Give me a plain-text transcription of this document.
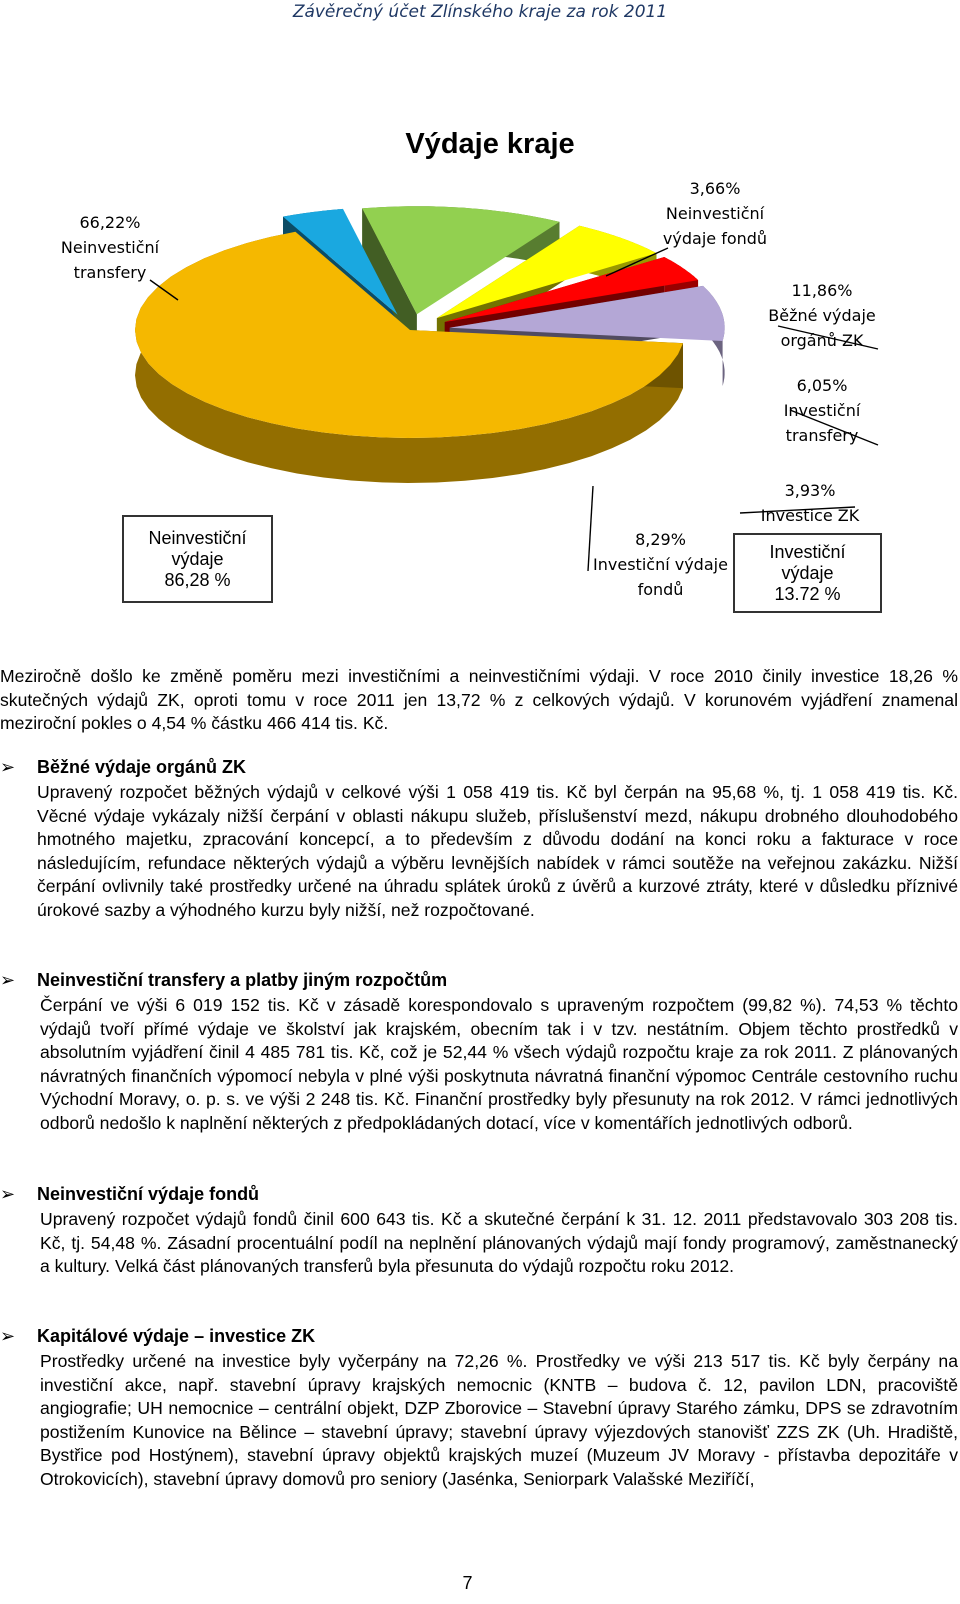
Závěrečný účet Zlínského kraje za rok 2011
Výdaje kraje
66,22%
Neinvestiční transfery
3,66%
Neinvestiční výdaje fondů
11,86%
Běžné výdaje orgánů ZK
6,05%
Investiční transfery
3,93%
Investice ZK
8,29%
Investiční výdaje fondů
Neinvestiční
výdaje
86,28 %
Investiční
výdaje
13.72 %
Meziročně došlo ke změně poměru mezi investičními a neinvestičními výdaji. V roce 2010 činily investice 18,26 % skutečných výdajů ZK, oproti tomu v roce 2011 jen 13,72 % z celkových výdajů. V korunovém vyjádření znamenal meziroční pokles o 4,54 % částku 466 414 tis. Kč.
➢ Běžné výdaje orgánů ZK
Upravený rozpočet běžných výdajů v celkové výši 1 058 419 tis. Kč byl čerpán na 95,68 %, tj. 1 058 419 tis. Kč. Věcné výdaje vykázaly nižší čerpání v oblasti nákupu služeb, příslušenství mezd, nákupu drobného dlouhodobého hmotného majetku, zpracování koncepcí, a to především z důvodu dodání na konci roku a fakturace v roce následujícím, refundace některých výdajů a výběru levnějších nabídek v rámci soutěže na veřejnou zakázku. Nižší čerpání ovlivnily také prostředky určené na úhradu splátek úroků z úvěrů a kurzové ztráty, které v důsledku příznivé úrokové sazby a výhodného kurzu byly nižší, než rozpočtované.
➢ Neinvestiční transfery a platby jiným rozpočtům
Čerpání ve výši 6 019 152 tis. Kč v zásadě korespondovalo s upraveným rozpočtem (99,82 %). 74,53 % těchto výdajů tvoří přímé výdaje ve školství jak krajském, obecním tak i v tzv. nestátním. Objem těchto prostředků v absolutním vyjádření činil 4 485 781 tis. Kč, což je 52,44 % všech výdajů rozpočtu kraje za rok 2011. Z plánovaných návratných finančních výpomocí nebyla v plné výši poskytnuta návratná finanční výpomoc Centrále cestovního ruchu Východní Moravy, o. p. s. ve výši 2 248 tis. Kč. Finanční prostředky byly přesunuty na rok 2012. V rámci jednotlivých odborů nedošlo k naplnění některých z předpokládaných dotací, více v komentářích jednotlivých odborů.
➢ Neinvestiční výdaje fondů
Upravený rozpočet výdajů fondů činil 600 643 tis. Kč a skutečné čerpání k 31. 12. 2011 představovalo 303 208 tis. Kč, tj. 54,48 %. Zásadní procentuální podíl na neplnění plánovaných výdajů mají fondy programový, zaměstnanecký a kultury. Velká část plánovaných transferů byla přesunuta do výdajů rozpočtu roku 2012.
➢ Kapitálové výdaje – investice ZK
Prostředky určené na investice byly vyčerpány na 72,26 %. Prostředky ve výši 213 517 tis. Kč byly čerpány na investiční akce, např. stavební úpravy krajských nemocnic (KNTB – budova č. 12, pavilon LDN, pracoviště angiografie; UH nemocnice – centrální objekt, DZP Zborovice – Stavební úpravy Starého zámku, DPS se zdravotním postižením Kunovice na Bělince – stavební úpravy; stavební úpravy výjezdových stanovišť ZZS ZK (Uh. Hradiště, Bystřice pod Hostýnem), stavební úpravy objektů krajských muzeí (Muzeum JV Moravy - přístavba depozitáře v Otrokovicích), stavební úpravy domovů pro seniory (Jasénka, Seniorpark Valašské Meziříčí,
7
